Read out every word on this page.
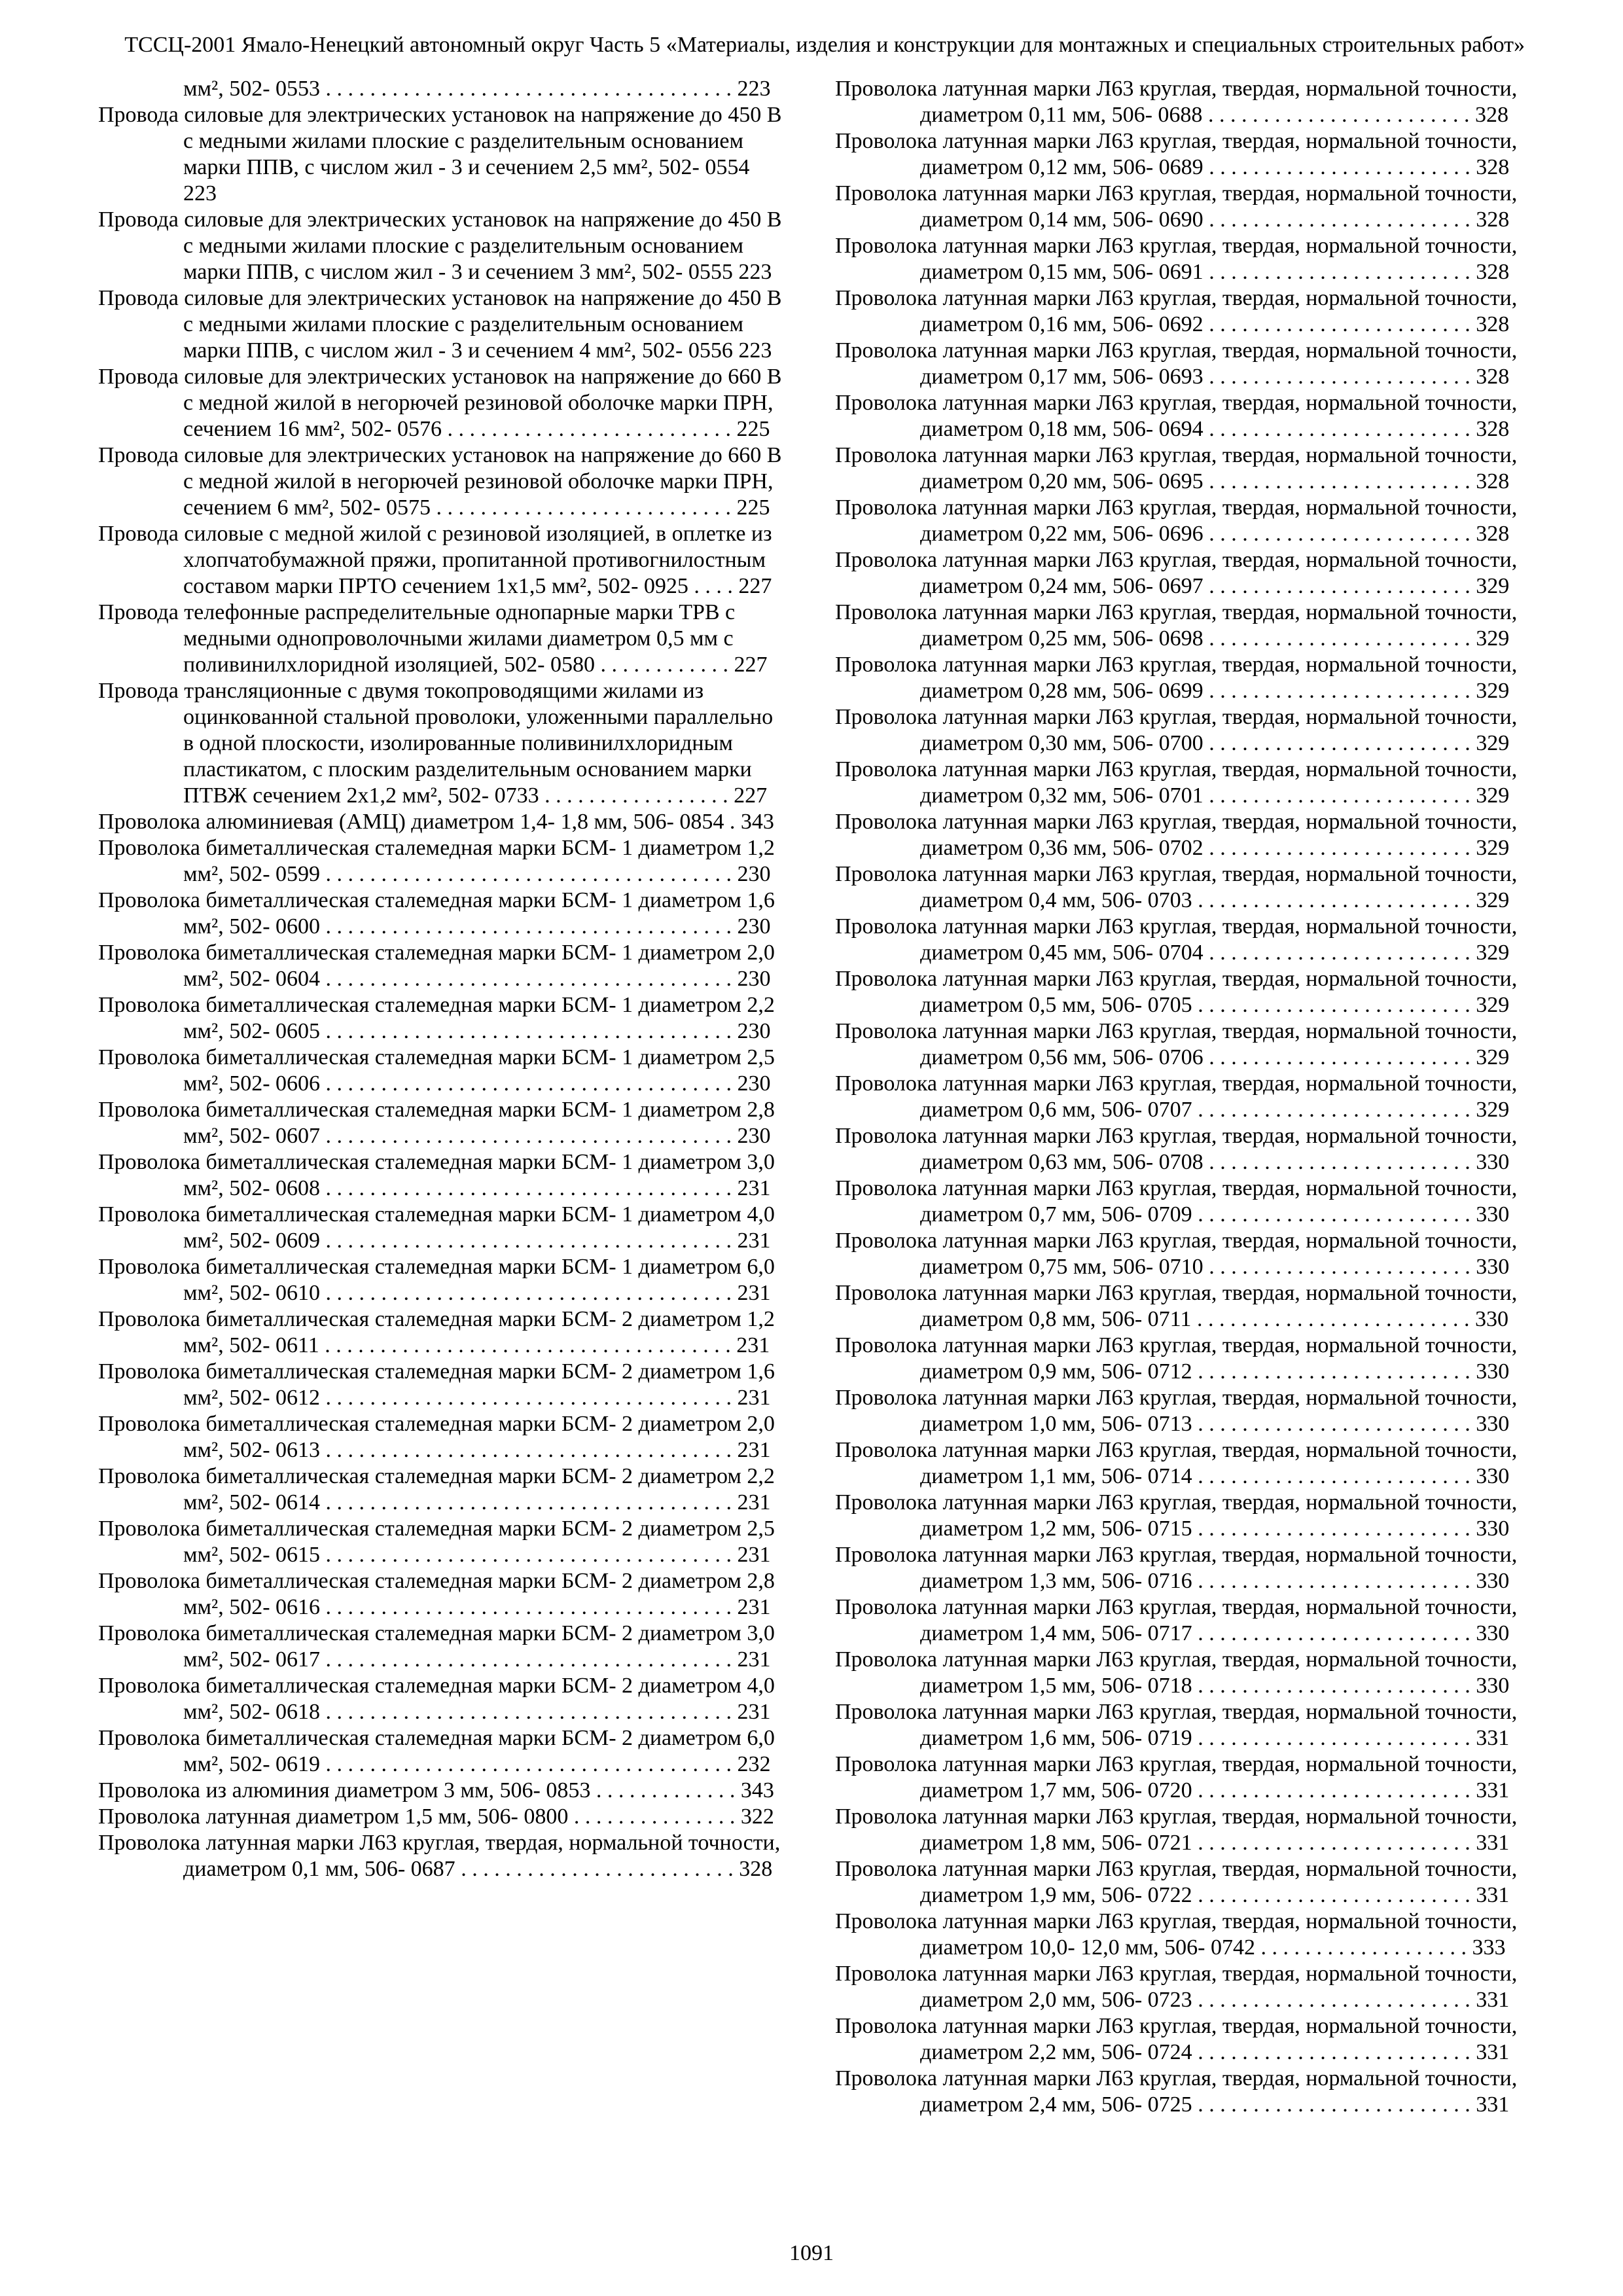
ТССЦ-2001 Ямало-Ненецкий автономный округ Часть 5 «Материалы, изделия и конструкции для монтажных и специальных строительных работ»

мм², 502- 0553 . . . . . . . . . . . . . . . . . . . . . . . . . . . . . . . . . . . . . 223

Провода силовые для электрических установок на напряжение до 450 В с медными жилами плоские с разделительным основанием марки ППВ, с числом жил - 3 и сечением 2,5 мм², 502- 0554 223

Провода силовые для электрических установок на напряжение до 450 В с медными жилами плоские с разделительным основанием марки ППВ, с числом жил - 3 и сечением 3 мм², 502- 0555 223

Провода силовые для электрических установок на напряжение до 450 В с медными жилами плоские с разделительным основанием марки ППВ, с числом жил - 3 и сечением 4 мм², 502- 0556 223

Провода силовые для электрических установок на напряжение до 660 В с медной жилой в негорючей резиновой оболочке марки ПРН, сечением 16 мм², 502- 0576 . . . . . . . . . . . . . . . . . . . . . . . . . . 225

Провода силовые для электрических установок на напряжение до 660 В с медной жилой в негорючей резиновой оболочке марки ПРН, сечением 6 мм², 502- 0575 . . . . . . . . . . . . . . . . . . . . . . . . . . . 225

Провода силовые с медной жилой с резиновой изоляцией, в оплетке из хлопчатобумажной пряжи, пропитанной противогнилостным составом марки ПРТО сечением 1х1,5 мм², 502- 0925 . . . . 227

Провода телефонные распределительные однопарные марки ТРВ с медными однопроволочными жилами диаметром 0,5 мм с поливинилхлоридной изоляцией, 502- 0580 . . . . . . . . . . . . 227

Провода трансляционные с двумя токопроводящими жилами из оцинкованной стальной проволоки, уложенными параллельно в одной плоскости, изолированные поливинилхлоридным пластикатом, с плоским разделительным основанием марки ПТВЖ сечением 2х1,2 мм², 502- 0733 . . . . . . . . . . . . . . . . . 227

Проволока алюминиевая (АМЦ) диаметром 1,4- 1,8 мм, 506- 0854 . 343

Проволока биметаллическая сталемедная марки БСМ- 1 диаметром 1,2 мм², 502- 0599 . . . . . . . . . . . . . . . . . . . . . . . . . . . . . . . . . . . . . 230

Проволока биметаллическая сталемедная марки БСМ- 1 диаметром 1,6 мм², 502- 0600 . . . . . . . . . . . . . . . . . . . . . . . . . . . . . . . . . . . . . 230

Проволока биметаллическая сталемедная марки БСМ- 1 диаметром 2,0 мм², 502- 0604 . . . . . . . . . . . . . . . . . . . . . . . . . . . . . . . . . . . . . 230

Проволока биметаллическая сталемедная марки БСМ- 1 диаметром 2,2 мм², 502- 0605 . . . . . . . . . . . . . . . . . . . . . . . . . . . . . . . . . . . . . 230

Проволока биметаллическая сталемедная марки БСМ- 1 диаметром 2,5 мм², 502- 0606 . . . . . . . . . . . . . . . . . . . . . . . . . . . . . . . . . . . . . 230

Проволока биметаллическая сталемедная марки БСМ- 1 диаметром 2,8 мм², 502- 0607 . . . . . . . . . . . . . . . . . . . . . . . . . . . . . . . . . . . . . 230

Проволока биметаллическая сталемедная марки БСМ- 1 диаметром 3,0 мм², 502- 0608 . . . . . . . . . . . . . . . . . . . . . . . . . . . . . . . . . . . . . 231

Проволока биметаллическая сталемедная марки БСМ- 1 диаметром 4,0 мм², 502- 0609 . . . . . . . . . . . . . . . . . . . . . . . . . . . . . . . . . . . . . 231

Проволока биметаллическая сталемедная марки БСМ- 1 диаметром 6,0 мм², 502- 0610 . . . . . . . . . . . . . . . . . . . . . . . . . . . . . . . . . . . . . 231

Проволока биметаллическая сталемедная марки БСМ- 2 диаметром 1,2 мм², 502- 0611 . . . . . . . . . . . . . . . . . . . . . . . . . . . . . . . . . . . . . 231

Проволока биметаллическая сталемедная марки БСМ- 2 диаметром 1,6 мм², 502- 0612 . . . . . . . . . . . . . . . . . . . . . . . . . . . . . . . . . . . . . 231

Проволока биметаллическая сталемедная марки БСМ- 2 диаметром 2,0 мм², 502- 0613 . . . . . . . . . . . . . . . . . . . . . . . . . . . . . . . . . . . . . 231

Проволока биметаллическая сталемедная марки БСМ- 2 диаметром 2,2 мм², 502- 0614 . . . . . . . . . . . . . . . . . . . . . . . . . . . . . . . . . . . . . 231

Проволока биметаллическая сталемедная марки БСМ- 2 диаметром 2,5 мм², 502- 0615 . . . . . . . . . . . . . . . . . . . . . . . . . . . . . . . . . . . . . 231

Проволока биметаллическая сталемедная марки БСМ- 2 диаметром 2,8 мм², 502- 0616 . . . . . . . . . . . . . . . . . . . . . . . . . . . . . . . . . . . . . 231

Проволока биметаллическая сталемедная марки БСМ- 2 диаметром 3,0 мм², 502- 0617 . . . . . . . . . . . . . . . . . . . . . . . . . . . . . . . . . . . . . 231

Проволока биметаллическая сталемедная марки БСМ- 2 диаметром 4,0 мм², 502- 0618 . . . . . . . . . . . . . . . . . . . . . . . . . . . . . . . . . . . . . 231

Проволока биметаллическая сталемедная марки БСМ- 2 диаметром 6,0 мм², 502- 0619 . . . . . . . . . . . . . . . . . . . . . . . . . . . . . . . . . . . . . 232

Проволока из алюминия диаметром 3 мм, 506- 0853 . . . . . . . . . . . . . 343

Проволока латунная диаметром 1,5 мм, 506- 0800 . . . . . . . . . . . . . . . 322

Проволока латунная марки Л63 круглая, твердая, нормальной точности, диаметром 0,1 мм, 506- 0687 . . . . . . . . . . . . . . . . . . . . . . . . . 328

Проволока латунная марки Л63 круглая, твердая, нормальной точности, диаметром 0,11 мм, 506- 0688 . . . . . . . . . . . . . . . . . . . . . . . . 328

Проволока латунная марки Л63 круглая, твердая, нормальной точности, диаметром 0,12 мм, 506- 0689 . . . . . . . . . . . . . . . . . . . . . . . . 328

Проволока латунная марки Л63 круглая, твердая, нормальной точности, диаметром 0,14 мм, 506- 0690 . . . . . . . . . . . . . . . . . . . . . . . . 328

Проволока латунная марки Л63 круглая, твердая, нормальной точности, диаметром 0,15 мм, 506- 0691 . . . . . . . . . . . . . . . . . . . . . . . . 328

Проволока латунная марки Л63 круглая, твердая, нормальной точности, диаметром 0,16 мм, 506- 0692 . . . . . . . . . . . . . . . . . . . . . . . . 328

Проволока латунная марки Л63 круглая, твердая, нормальной точности, диаметром 0,17 мм, 506- 0693 . . . . . . . . . . . . . . . . . . . . . . . . 328

Проволока латунная марки Л63 круглая, твердая, нормальной точности, диаметром 0,18 мм, 506- 0694 . . . . . . . . . . . . . . . . . . . . . . . . 328

Проволока латунная марки Л63 круглая, твердая, нормальной точности, диаметром 0,20 мм, 506- 0695 . . . . . . . . . . . . . . . . . . . . . . . . 328

Проволока латунная марки Л63 круглая, твердая, нормальной точности, диаметром 0,22 мм, 506- 0696 . . . . . . . . . . . . . . . . . . . . . . . . 328

Проволока латунная марки Л63 круглая, твердая, нормальной точности, диаметром 0,24 мм, 506- 0697 . . . . . . . . . . . . . . . . . . . . . . . . 329

Проволока латунная марки Л63 круглая, твердая, нормальной точности, диаметром 0,25 мм, 506- 0698 . . . . . . . . . . . . . . . . . . . . . . . . 329

Проволока латунная марки Л63 круглая, твердая, нормальной точности, диаметром 0,28 мм, 506- 0699 . . . . . . . . . . . . . . . . . . . . . . . . 329

Проволока латунная марки Л63 круглая, твердая, нормальной точности, диаметром 0,30 мм, 506- 0700 . . . . . . . . . . . . . . . . . . . . . . . . 329

Проволока латунная марки Л63 круглая, твердая, нормальной точности, диаметром 0,32 мм, 506- 0701 . . . . . . . . . . . . . . . . . . . . . . . . 329

Проволока латунная марки Л63 круглая, твердая, нормальной точности, диаметром 0,36 мм, 506- 0702 . . . . . . . . . . . . . . . . . . . . . . . . 329

Проволока латунная марки Л63 круглая, твердая, нормальной точности, диаметром 0,4 мм, 506- 0703 . . . . . . . . . . . . . . . . . . . . . . . . . 329

Проволока латунная марки Л63 круглая, твердая, нормальной точности, диаметром 0,45 мм, 506- 0704 . . . . . . . . . . . . . . . . . . . . . . . . 329

Проволока латунная марки Л63 круглая, твердая, нормальной точности, диаметром 0,5 мм, 506- 0705 . . . . . . . . . . . . . . . . . . . . . . . . . 329

Проволока латунная марки Л63 круглая, твердая, нормальной точности, диаметром 0,56 мм, 506- 0706 . . . . . . . . . . . . . . . . . . . . . . . . 329

Проволока латунная марки Л63 круглая, твердая, нормальной точности, диаметром 0,6 мм, 506- 0707 . . . . . . . . . . . . . . . . . . . . . . . . . 329

Проволока латунная марки Л63 круглая, твердая, нормальной точности, диаметром 0,63 мм, 506- 0708 . . . . . . . . . . . . . . . . . . . . . . . . 330

Проволока латунная марки Л63 круглая, твердая, нормальной точности, диаметром 0,7 мм, 506- 0709 . . . . . . . . . . . . . . . . . . . . . . . . . 330

Проволока латунная марки Л63 круглая, твердая, нормальной точности, диаметром 0,75 мм, 506- 0710 . . . . . . . . . . . . . . . . . . . . . . . . 330

Проволока латунная марки Л63 круглая, твердая, нормальной точности, диаметром 0,8 мм, 506- 0711 . . . . . . . . . . . . . . . . . . . . . . . . . 330

Проволока латунная марки Л63 круглая, твердая, нормальной точности, диаметром 0,9 мм, 506- 0712 . . . . . . . . . . . . . . . . . . . . . . . . . 330

Проволока латунная марки Л63 круглая, твердая, нормальной точности, диаметром 1,0 мм, 506- 0713 . . . . . . . . . . . . . . . . . . . . . . . . . 330

Проволока латунная марки Л63 круглая, твердая, нормальной точности, диаметром 1,1 мм, 506- 0714 . . . . . . . . . . . . . . . . . . . . . . . . . 330

Проволока латунная марки Л63 круглая, твердая, нормальной точности, диаметром 1,2 мм, 506- 0715 . . . . . . . . . . . . . . . . . . . . . . . . . 330

Проволока латунная марки Л63 круглая, твердая, нормальной точности, диаметром 1,3 мм, 506- 0716 . . . . . . . . . . . . . . . . . . . . . . . . . 330

Проволока латунная марки Л63 круглая, твердая, нормальной точности, диаметром 1,4 мм, 506- 0717 . . . . . . . . . . . . . . . . . . . . . . . . . 330

Проволока латунная марки Л63 круглая, твердая, нормальной точности, диаметром 1,5 мм, 506- 0718 . . . . . . . . . . . . . . . . . . . . . . . . . 330

Проволока латунная марки Л63 круглая, твердая, нормальной точности, диаметром 1,6 мм, 506- 0719 . . . . . . . . . . . . . . . . . . . . . . . . . 331

Проволока латунная марки Л63 круглая, твердая, нормальной точности, диаметром 1,7 мм, 506- 0720 . . . . . . . . . . . . . . . . . . . . . . . . . 331

Проволока латунная марки Л63 круглая, твердая, нормальной точности, диаметром 1,8 мм, 506- 0721 . . . . . . . . . . . . . . . . . . . . . . . . . 331

Проволока латунная марки Л63 круглая, твердая, нормальной точности, диаметром 1,9 мм, 506- 0722 . . . . . . . . . . . . . . . . . . . . . . . . . 331

Проволока латунная марки Л63 круглая, твердая, нормальной точности, диаметром 10,0- 12,0 мм, 506- 0742 . . . . . . . . . . . . . . . . . . . 333

Проволока латунная марки Л63 круглая, твердая, нормальной точности, диаметром 2,0 мм, 506- 0723 . . . . . . . . . . . . . . . . . . . . . . . . . 331

Проволока латунная марки Л63 круглая, твердая, нормальной точности, диаметром 2,2 мм, 506- 0724 . . . . . . . . . . . . . . . . . . . . . . . . . 331

Проволока латунная марки Л63 круглая, твердая, нормальной точности, диаметром 2,4 мм, 506- 0725 . . . . . . . . . . . . . . . . . . . . . . . . . 331

1091
